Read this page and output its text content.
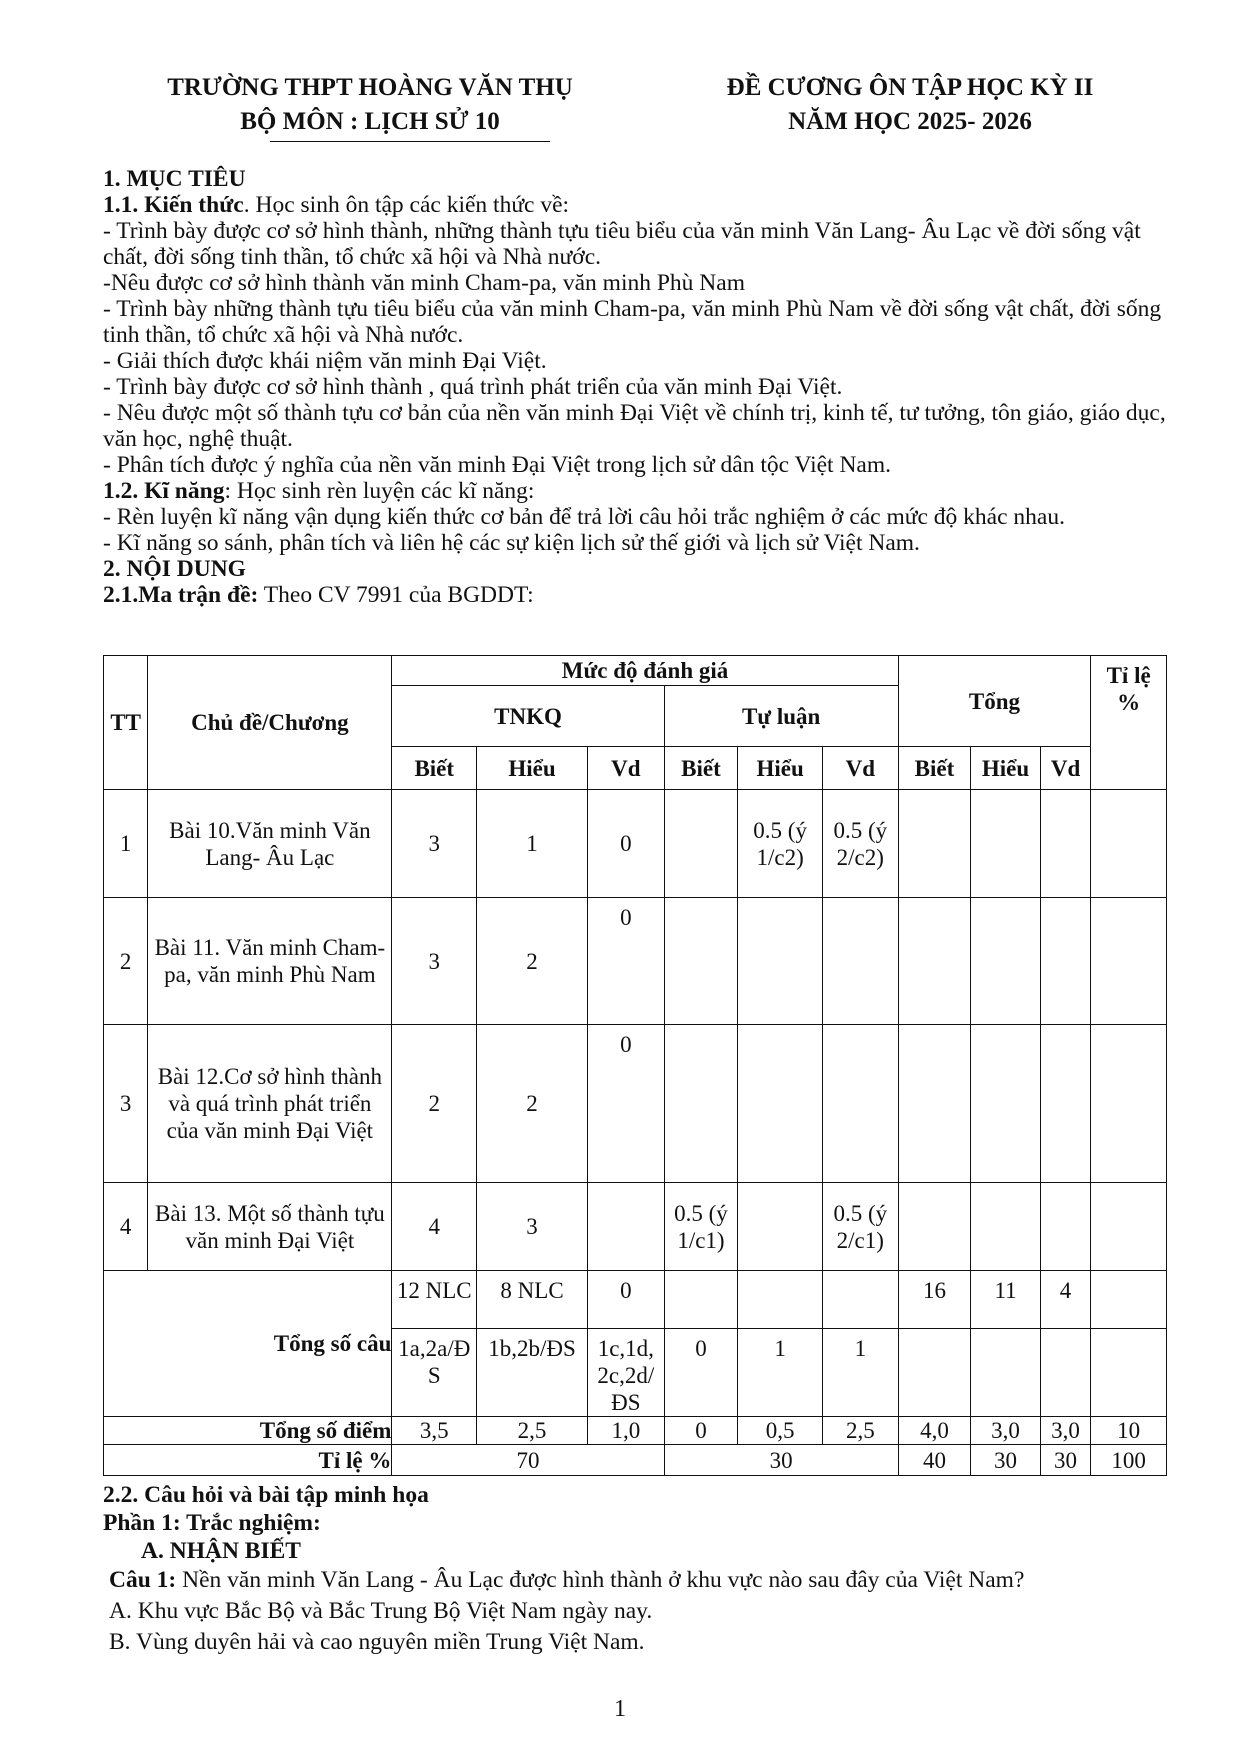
TRƯỜNG THPT HOÀNG VĂN THỤ
BỘ MÔN : LỊCH SỬ 10
ĐỀ CƯƠNG ÔN TẬP HỌC KỲ II
NĂM HỌC 2025- 2026

1. MỤC TIÊU

1.1. Kiến thức. Học sinh ôn tập các kiến thức về:

- Trình bày được cơ sở hình thành, những thành tựu tiêu biểu của văn minh Văn Lang- Âu Lạc về đời sống vật chất, đời sống tinh thần, tổ chức xã hội và Nhà nước.

-Nêu được cơ sở hình thành văn minh Cham-pa, văn minh Phù Nam

- Trình bày những thành tựu tiêu biểu của văn minh Cham-pa, văn minh Phù Nam về đời sống vật chất, đời sống tinh thần, tổ chức xã hội và Nhà nước.

- Giải thích được khái niệm văn minh Đại Việt.

- Trình bày được cơ sở hình thành , quá trình phát triển của văn minh Đại Việt.

- Nêu được một số thành tựu cơ bản của nền văn minh Đại Việt về chính trị, kinh tế, tư tưởng, tôn giáo, giáo dục, văn học, nghệ thuật.

- Phân tích được ý nghĩa của nền văn minh Đại Việt trong lịch sử dân tộc Việt Nam.

1.2. Kĩ năng: Học sinh rèn luyện các kĩ năng:

- Rèn luyện kĩ năng vận dụng kiến thức cơ bản để trả lời câu hỏi trắc nghiệm ở các mức độ khác nhau.

- Kĩ năng so sánh, phân tích và liên hệ các sự kiện lịch sử thế giới và lịch sử Việt Nam.

2. NỘI DUNG

2.1.Ma trận đề: Theo CV 7991 của BGDDT:

TT	Chủ đề/Chương	Mức độ đánh giá						Tổng			Tỉ lệ
%
		TNKQ			Tự luận						
		Biết	Hiểu	Vd	Biết	Hiểu	Vd	Biết	Hiểu	Vd	
1	Bài 10.Văn minh Văn Lang- Âu Lạc	3	1	0		0.5 (ý 1/c2)	0.5 (ý 2/c2)				
2	Bài 11. Văn minh Cham-pa, văn minh Phù Nam	3	2	0							
3	Bài 12.Cơ sở hình thành và quá trình phát triển của văn minh Đại Việt	2	2	0							
4	Bài 13. Một số thành tựu văn minh Đại Việt	4	3		0.5 (ý 1/c1)		0.5 (ý 2/c1)				
Tổng số câu		12 NLC	8 NLC	0				16	11	4	
		1a,2a/Đ S	1b,2b/ĐS	1c,1d, 2c,2d/ ĐS	0	1	1				
Tổng số điểm		3,5	2,5	1,0	0	0,5	2,5	4,0	3,0	3,0	10
Tỉ lệ %		70			30			40	30	30	100

2.2. Câu hỏi và bài tập minh họa

Phần 1: Trắc nghiệm:

A. NHẬN BIẾT

Câu 1: Nền văn minh Văn Lang - Âu Lạc được hình thành ở khu vực nào sau đây của Việt Nam?

A. Khu vực Bắc Bộ và Bắc Trung Bộ Việt Nam ngày nay.

B. Vùng duyên hải và cao nguyên miền Trung Việt Nam.

1
